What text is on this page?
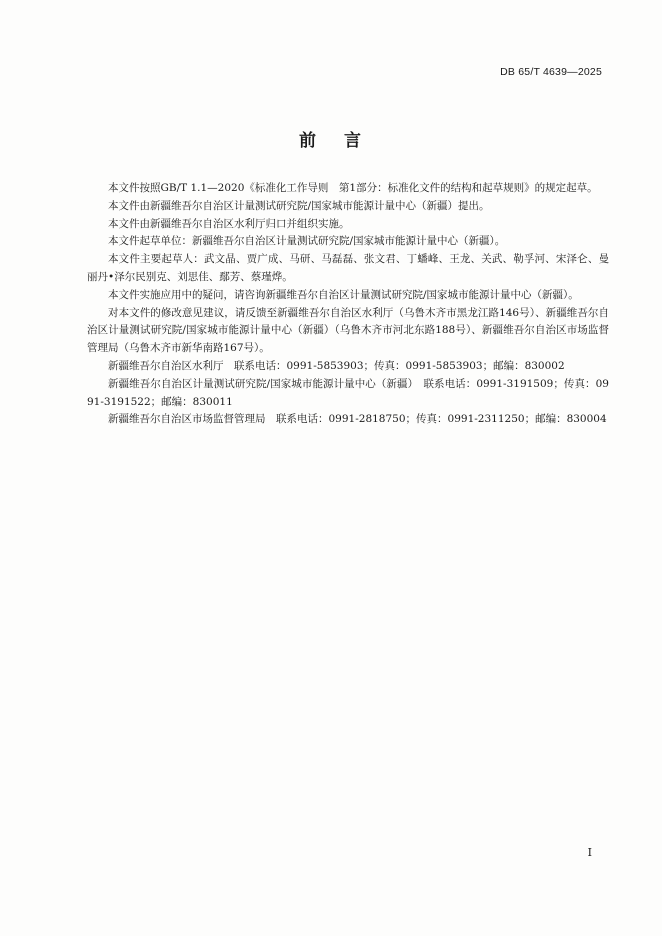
DB 65/T 4639—2025
前 言

本文件按照GB/T 1.1—2020《标准化工作导则　第1部分：标准化文件的结构和起草规则》的规定起草。

本文件由新疆维吾尔自治区计量测试研究院/国家城市能源计量中心（新疆）提出。

本文件由新疆维吾尔自治区水利厅归口并组织实施。

本文件起草单位：新疆维吾尔自治区计量测试研究院/国家城市能源计量中心（新疆）。

本文件主要起草人：武文晶、贾广成、马研、马磊磊、张文君、丁蟠峰、王龙、关武、勒孚河、宋泽仑、曼丽丹•泽尔民别克、刘思佳、鄢芳、蔡瑾烨。

本文件实施应用中的疑问，请咨询新疆维吾尔自治区计量测试研究院/国家城市能源计量中心（新疆）。

对本文件的修改意见建议，请反馈至新疆维吾尔自治区水利厅（乌鲁木齐市黑龙江路146号）、新疆维吾尔自治区计量测试研究院/国家城市能源计量中心（新疆）（乌鲁木齐市河北东路188号）、新疆维吾尔自治区市场监督管理局（乌鲁木齐市新华南路167号）。

新疆维吾尔自治区水利厅　联系电话：0991-5853903；传真：0991-5853903；邮编：830002

新疆维吾尔自治区计量测试研究院/国家城市能源计量中心（新疆）　联系电话：0991-3191509；传真：0991-3191522；邮编：830011

新疆维吾尔自治区市场监督管理局　联系电话：0991-2818750；传真：0991-2311250；邮编：830004

I
